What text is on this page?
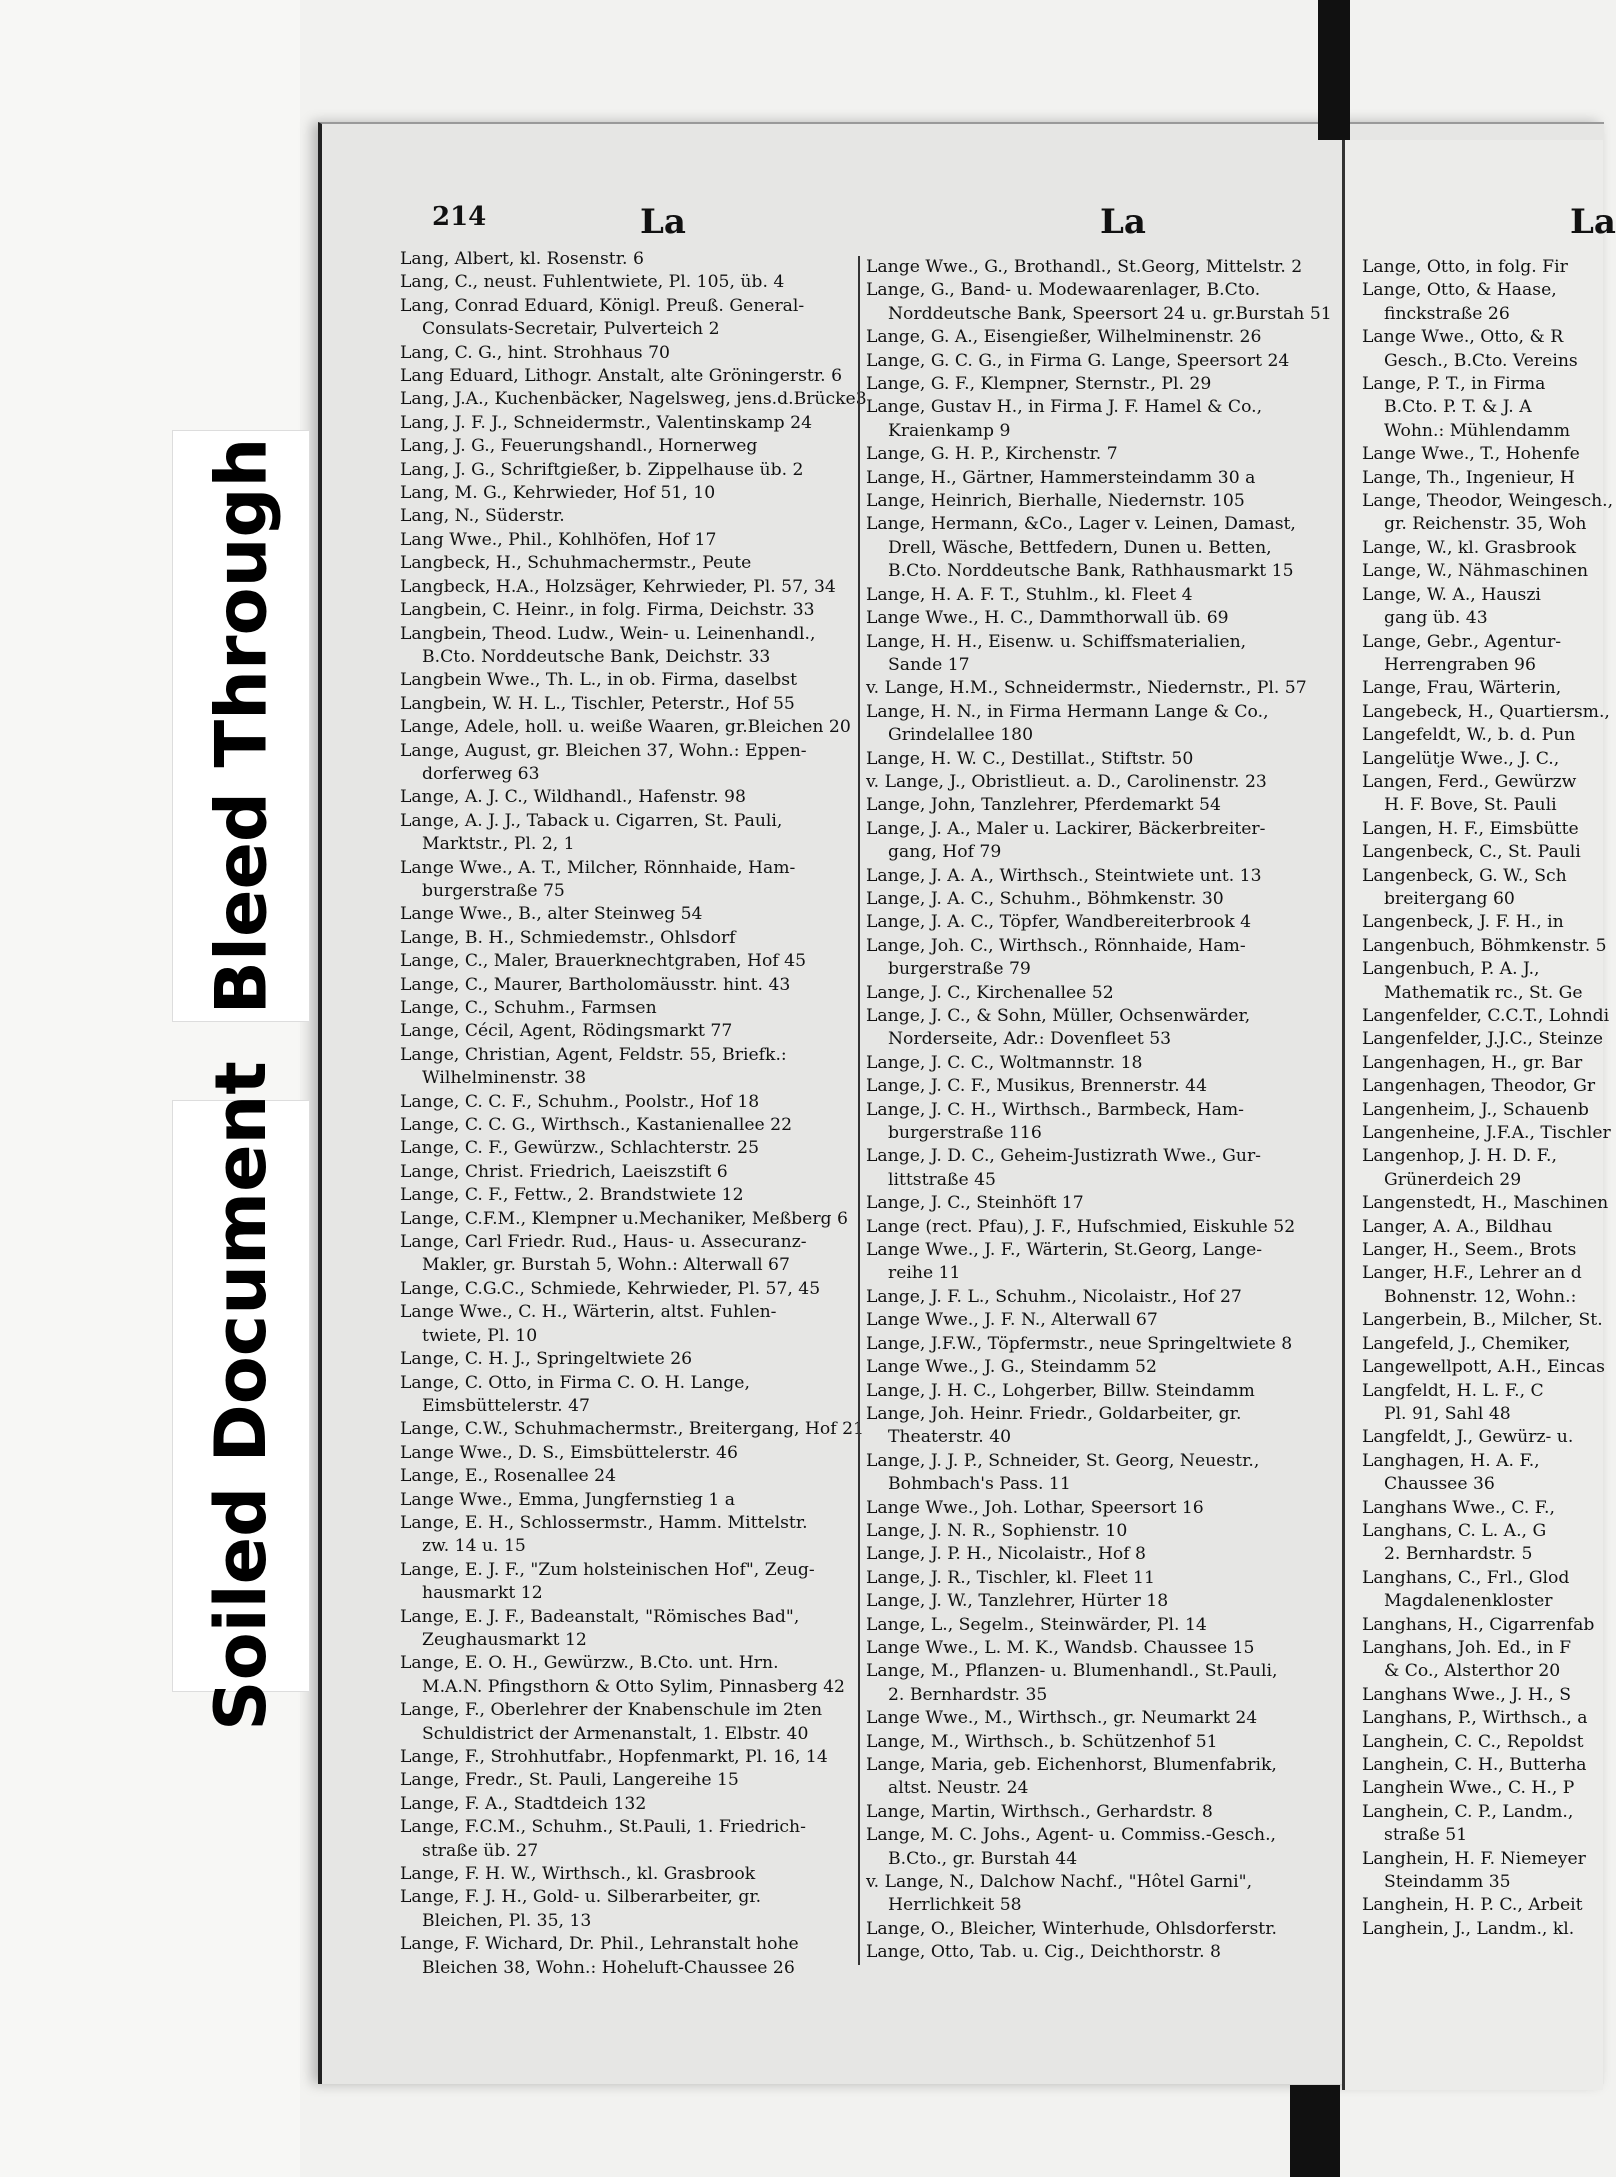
Bleed Through
Soiled Document
214	La	La	La
Lang, Albert, kl. Rosenstr. 6
Lang, C., neust. Fuhlentwiete, Pl. 105, üb. 4
Lang, Conrad Eduard, Königl. Preuß. General-
Consulats-Secretair, Pulverteich 2
Lang, C. G., hint. Strohhaus 70
Lang Eduard, Lithogr. Anstalt, alte Gröningerstr. 6
Lang, J.A., Kuchenbäcker, Nagelsweg, jens.d.Brücke3
Lang, J. F. J., Schneidermstr., Valentinskamp 24
Lang, J. G., Feuerungshandl., Hornerweg
Lang, J. G., Schriftgießer, b. Zippelhause üb. 2
Lang, M. G., Kehrwieder, Hof 51, 10
Lang, N., Süderstr.
Lang Wwe., Phil., Kohlhöfen, Hof 17
Langbeck, H., Schuhmachermstr., Peute
Langbeck, H.A., Holzsäger, Kehrwieder, Pl. 57, 34
Langbein, C. Heinr., in folg. Firma, Deichstr. 33
Langbein, Theod. Ludw., Wein- u. Leinenhandl.,
B.Cto. Norddeutsche Bank, Deichstr. 33
Langbein Wwe., Th. L., in ob. Firma, daselbst
Langbein, W. H. L., Tischler, Peterstr., Hof 55
Lange, Adele, holl. u. weiße Waaren, gr.Bleichen 20
Lange, August, gr. Bleichen 37, Wohn.: Eppen-
dorferweg 63
Lange, A. J. C., Wildhandl., Hafenstr. 98
Lange, A. J. J., Taback u. Cigarren, St. Pauli,
Marktstr., Pl. 2, 1
Lange Wwe., A. T., Milcher, Rönnhaide, Ham-
burgerstraße 75
Lange Wwe., B., alter Steinweg 54
Lange, B. H., Schmiedemstr., Ohlsdorf
Lange, C., Maler, Brauerknechtgraben, Hof 45
Lange, C., Maurer, Bartholomäusstr. hint. 43
Lange, C., Schuhm., Farmsen
Lange, Cécil, Agent, Rödingsmarkt 77
Lange, Christian, Agent, Feldstr. 55, Briefk.:
Wilhelminenstr. 38
Lange, C. C. F., Schuhm., Poolstr., Hof 18
Lange, C. C. G., Wirthsch., Kastanienallee 22
Lange, C. F., Gewürzw., Schlachterstr. 25
Lange, Christ. Friedrich, Laeiszstift 6
Lange, C. F., Fettw., 2. Brandstwiete 12
Lange, C.F.M., Klempner u.Mechaniker, Meßberg 6
Lange, Carl Friedr. Rud., Haus- u. Assecuranz-
Makler, gr. Burstah 5, Wohn.: Alterwall 67
Lange, C.G.C., Schmiede, Kehrwieder, Pl. 57, 45
Lange Wwe., C. H., Wärterin, altst. Fuhlen-
twiete, Pl. 10
Lange, C. H. J., Springeltwiete 26
Lange, C. Otto, in Firma C. O. H. Lange,
Eimsbüttelerstr. 47
Lange, C.W., Schuhmachermstr., Breitergang, Hof 21
Lange Wwe., D. S., Eimsbüttelerstr. 46
Lange, E., Rosenallee 24
Lange Wwe., Emma, Jungfernstieg 1 a
Lange, E. H., Schlossermstr., Hamm. Mittelstr.
zw. 14 u. 15
Lange, E. J. F., "Zum holsteinischen Hof", Zeug-
hausmarkt 12
Lange, E. J. F., Badeanstalt, "Römisches Bad",
Zeughausmarkt 12
Lange, E. O. H., Gewürzw., B.Cto. unt. Hrn.
M.A.N. Pfingsthorn & Otto Sylim, Pinnasberg 42
Lange, F., Oberlehrer der Knabenschule im 2ten
Schuldistrict der Armenanstalt, 1. Elbstr. 40
Lange, F., Strohhutfabr., Hopfenmarkt, Pl. 16, 14
Lange, Fredr., St. Pauli, Langereihe 15
Lange, F. A., Stadtdeich 132
Lange, F.C.M., Schuhm., St.Pauli, 1. Friedrich-
straße üb. 27
Lange, F. H. W., Wirthsch., kl. Grasbrook
Lange, F. J. H., Gold- u. Silberarbeiter, gr.
Bleichen, Pl. 35, 13
Lange, F. Wichard, Dr. Phil., Lehranstalt hohe
Bleichen 38, Wohn.: Hoheluft-Chaussee 26
Lange Wwe., G., Brothandl., St.Georg, Mittelstr. 2
Lange, G., Band- u. Modewaarenlager, B.Cto.
Norddeutsche Bank, Speersort 24 u. gr.Burstah 51
Lange, G. A., Eisengießer, Wilhelminenstr. 26
Lange, G. C. G., in Firma G. Lange, Speersort 24
Lange, G. F., Klempner, Sternstr., Pl. 29
Lange, Gustav H., in Firma J. F. Hamel & Co.,
Kraienkamp 9
Lange, G. H. P., Kirchenstr. 7
Lange, H., Gärtner, Hammersteindamm 30 a
Lange, Heinrich, Bierhalle, Niedernstr. 105
Lange, Hermann, &Co., Lager v. Leinen, Damast,
Drell, Wäsche, Bettfedern, Dunen u. Betten,
B.Cto. Norddeutsche Bank, Rathhausmarkt 15
Lange, H. A. F. T., Stuhlm., kl. Fleet 4
Lange Wwe., H. C., Dammthorwall üb. 69
Lange, H. H., Eisenw. u. Schiffsmaterialien,
Sande 17
v. Lange, H.M., Schneidermstr., Niedernstr., Pl. 57
Lange, H. N., in Firma Hermann Lange & Co.,
Grindelallee 180
Lange, H. W. C., Destillat., Stiftstr. 50
v. Lange, J., Obristlieut. a. D., Carolinenstr. 23
Lange, John, Tanzlehrer, Pferdemarkt 54
Lange, J. A., Maler u. Lackirer, Bäckerbreiter-
gang, Hof 79
Lange, J. A. A., Wirthsch., Steintwiete unt. 13
Lange, J. A. C., Schuhm., Böhmkenstr. 30
Lange, J. A. C., Töpfer, Wandbereiterbrook 4
Lange, Joh. C., Wirthsch., Rönnhaide, Ham-
burgerstraße 79
Lange, J. C., Kirchenallee 52
Lange, J. C., & Sohn, Müller, Ochsenwärder,
Norderseite, Adr.: Dovenfleet 53
Lange, J. C. C., Woltmannstr. 18
Lange, J. C. F., Musikus, Brennerstr. 44
Lange, J. C. H., Wirthsch., Barmbeck, Ham-
burgerstraße 116
Lange, J. D. C., Geheim-Justizrath Wwe., Gur-
littstraße 45
Lange, J. C., Steinhöft 17
Lange (rect. Pfau), J. F., Hufschmied, Eiskuhle 52
Lange Wwe., J. F., Wärterin, St.Georg, Lange-
reihe 11
Lange, J. F. L., Schuhm., Nicolaistr., Hof 27
Lange Wwe., J. F. N., Alterwall 67
Lange, J.F.W., Töpfermstr., neue Springeltwiete 8
Lange Wwe., J. G., Steindamm 52
Lange, J. H. C., Lohgerber, Billw. Steindamm
Lange, Joh. Heinr. Friedr., Goldarbeiter, gr.
Theaterstr. 40
Lange, J. J. P., Schneider, St. Georg, Neuestr.,
Bohmbach's Pass. 11
Lange Wwe., Joh. Lothar, Speersort 16
Lange, J. N. R., Sophienstr. 10
Lange, J. P. H., Nicolaistr., Hof 8
Lange, J. R., Tischler, kl. Fleet 11
Lange, J. W., Tanzlehrer, Hürter 18
Lange, L., Segelm., Steinwärder, Pl. 14
Lange Wwe., L. M. K., Wandsb. Chaussee 15
Lange, M., Pflanzen- u. Blumenhandl., St.Pauli,
2. Bernhardstr. 35
Lange Wwe., M., Wirthsch., gr. Neumarkt 24
Lange, M., Wirthsch., b. Schützenhof 51
Lange, Maria, geb. Eichenhorst, Blumenfabrik,
altst. Neustr. 24
Lange, Martin, Wirthsch., Gerhardstr. 8
Lange, M. C. Johs., Agent- u. Commiss.-Gesch.,
B.Cto., gr. Burstah 44
v. Lange, N., Dalchow Nachf., "Hôtel Garni",
Herrlichkeit 58
Lange, O., Bleicher, Winterhude, Ohlsdorferstr.
Lange, Otto, Tab. u. Cig., Deichthorstr. 8
Lange, Otto, in folg. Fir
Lange, Otto, & Haase,
finckstraße 26
Lange Wwe., Otto, & R
Gesch., B.Cto. Vereins
Lange, P. T., in Firma
B.Cto. P. T. & J. A
Wohn.: Mühlendamm
Lange Wwe., T., Hohenfe
Lange, Th., Ingenieur, H
Lange, Theodor, Weingesch.,
gr. Reichenstr. 35, Woh
Lange, W., kl. Grasbrook
Lange, W., Nähmaschinen
Lange, W. A., Hauszi
gang üb. 43
Lange, Gebr., Agentur-
Herrengraben 96
Lange, Frau, Wärterin,
Langebeck, H., Quartiersm.,
Langefeldt, W., b. d. Pun
Langelütje Wwe., J. C.,
Langen, Ferd., Gewürzw
H. F. Bove, St. Pauli
Langen, H. F., Eimsbütte
Langenbeck, C., St. Pauli
Langenbeck, G. W., Sch
breitergang 60
Langenbeck, J. F. H., in
Langenbuch, Böhmkenstr. 5
Langenbuch, P. A. J.,
Mathematik rc., St. Ge
Langenfelder, C.C.T., Lohndi
Langenfelder, J.J.C., Steinze
Langenhagen, H., gr. Bar
Langenhagen, Theodor, Gr
Langenheim, J., Schauenb
Langenheine, J.F.A., Tischler
Langenhop, J. H. D. F.,
Grünerdeich 29
Langenstedt, H., Maschinen
Langer, A. A., Bildhau
Langer, H., Seem., Brots
Langer, H.F., Lehrer an d
Bohnenstr. 12, Wohn.:
Langerbein, B., Milcher, St.
Langefeld, J., Chemiker,
Langewellpott, A.H., Eincas
Langfeldt, H. L. F., C
Pl. 91, Sahl 48
Langfeldt, J., Gewürz- u.
Langhagen, H. A. F.,
Chaussee 36
Langhans Wwe., C. F.,
Langhans, C. L. A., G
2. Bernhardstr. 5
Langhans, C., Frl., Glod
Magdalenenkloster
Langhans, H., Cigarrenfab
Langhans, Joh. Ed., in F
& Co., Alsterthor 20
Langhans Wwe., J. H., S
Langhans, P., Wirthsch., a
Langhein, C. C., Repoldst
Langhein, C. H., Butterha
Langhein Wwe., C. H., P
Langhein, C. P., Landm.,
straße 51
Langhein, H. F. Niemeyer
Steindamm 35
Langhein, H. P. C., Arbeit
Langhein, J., Landm., kl.
